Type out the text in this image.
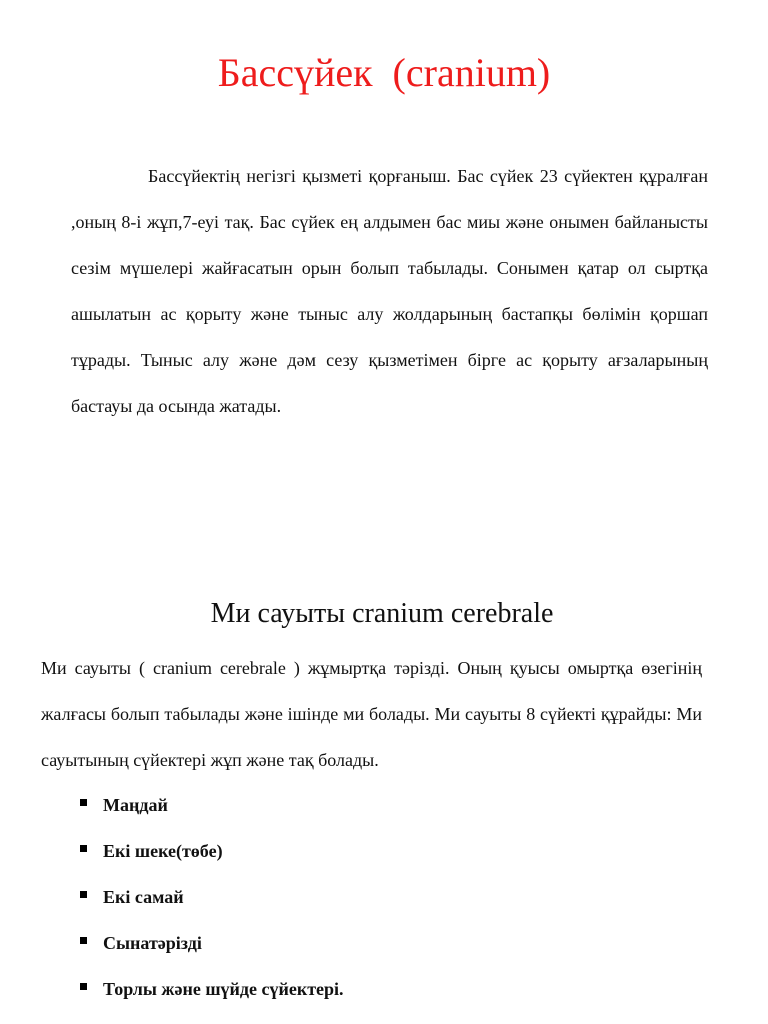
Бассүйек  (cranium)

Бассүйектің негізгі қызметі қорғаныш. Бас сүйек 23 сүйектен құралған ,оның 8-і жұп,7-еуі тақ. Бас сүйек ең алдымен бас миы және онымен байланысты сезім мүшелері жайғасатын орын болып табылады. Сонымен қатар ол сыртқа ашылатын ас қорыту және тыныс алу жолдарының бастапқы бөлімін қоршап тұрады. Тыныс алу және дәм сезу қызметімен бірге ас қорыту ағзаларының бастауы да осында жатады.

Ми сауыты cranium cerebrale

Ми сауыты ( cranium cerebrale ) жұмыртқа тәрізді. Оның қуысы омыртқа өзегінің жалғасы болып табылады және ішінде ми болады. Ми сауыты 8 сүйекті құрайды: Ми сауытының сүйектері жұп және тақ болады.

Маңдай
Екі шеке(төбе)
Екі самай
Сынатәрізді
Торлы және шүйде сүйектері.
